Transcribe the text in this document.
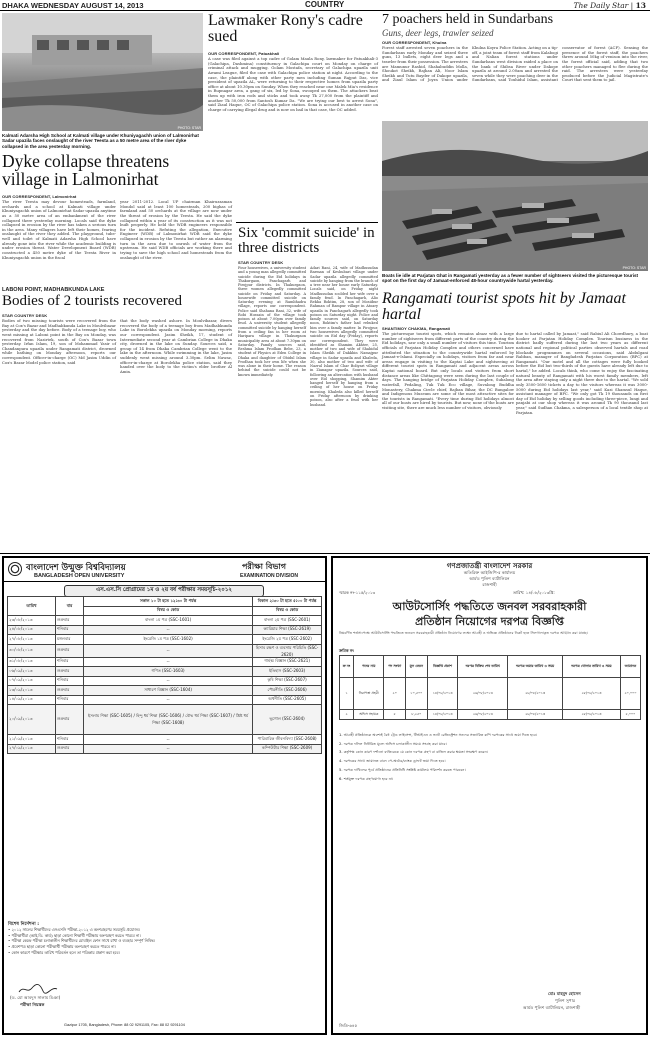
DHAKA WEDNESDAY AUGUST 14, 2013	COUNTRY	The Daily Star | 13
PHOTO: STAR
Kalmati Adarsha High School at Kalmati village under Khuniyagachh union of Lalmonirhat Sadar upazila faces onslaught of the river Teesta as a 50 metre area of the river dyke collapsed in the area yesterday morning.
Dyke collapse threatens village in Lalmonirhat
OUR CORRESPONDENT, Lalmonirhat
The river Teesta may devour homesteads, farmland, orchards and a school at Kalmati village under Khuniyagachh union of Lalmonirhat Sadar upazila anytime as a 50 metre area of an embankment of the river collapsed there yesterday morning. Locals said the dyke collapsed in erosion by the river has taken a serious turn in the area. Many villagers have left their homes, fearing onslaught of the river they added. The playground, tube-well and toilet of Kalmati Adarsha High School have already gone into the river while the academic building is under erosion threat. Water Development Board (WDB) constructed a 450 metre dyke of the Teesta River in Khuniyagachh union in the fiscal
year 2011-2012. Local UP chairman Khairuzzaman Mondol said at least 100 homesteads, 200 bighas of farmland and 50 orchards at the village are now under the threat of erosion by the Teesta. He said the dyke collapsed within a year of its construction as it was not built properly. He held the WDB engineers responsible for the incident. Refuting the allegation, Executive Engineer (WDB) of Lalmonirhat WDB said the dyke collapsed in erosion by the Teesta but rather an alarming turn in the area due to onrush of water from the upstream. He said WDB officials are working there and trying to save the high school and homesteads from the onslaught of the river.
LABONI POINT, MADHABKUNDA LAKE
Bodies of 2 tourists recovered
STAR COUNTRY DESK
Bodies of two missing tourists were recovered from the Bay at Cox's Bazar and Madhabkunda Lake in Moulvibazar yesterday and the day before. Body of a teenage boy, who went missing at Laboni point in the Bay on Monday, was recovered from Nazirtek, south of Cox's Bazar town yesterday. Irfan Islam, 19, son of Mohammad Yasir of Chandanpura upazila under Rangamati district, drowned while bathing on Monday afternoon, reports our correspondent. Officer-in-charge (OC) Md Jasim Uddin of Cox's Bazar Model police station, said
that the body washed ashore. In Moulvibazar, divers recovered the body of a teenage boy from Madhabkunda Lake in Borolekha upazila on Monday morning, reports our correspondent. Jasim Sheikh, 17, student of Intermediate second year at Cambrian College in Dhaka city, drowned in the lake on Sunday. Sources said, a group of 14 from Dhaka Cambrian College went to the lake in the afternoon. While swimming in the lake, Jasim suddenly went missing around 3.30pm. Selim Nawaz, officer-in-charge at Borolekha police station, said they handed over the body to the victim's elder brother Al Amin.
Lawmaker Rony's cadre sued
OUR CORRESPONDENT, Patuakhali
A case was filed against a top cadre of Golam Maula Rony, lawmaker for Patuakhali-3 (Galachipa, Dashmina) constituency in Galachipa court on Monday on charge of criminal attack and mugging. Golam Mostafa, secretary of Galachipa upazila unit Awami League, filed the case with Galachipa police station at night. According to the case, the plaintiff along with other party men including Suman Rajput Das, vice president of upazila AL, were returning to their respective homes from upazila party office at about 10.30pm on Sunday. When they reached near one Malek Mia's residence in Rupnagar area, a gang of six, led by Sona, swooped on them. The attackers beat them up with iron rods and sticks and took away Tk 27,000 from the plaintiff and another Tk 50,000 from Santosh Kumar Da. "We are trying our best to arrest Sona", said Ziaul Haque, OC of Galachipa police station. Sona is accused in another case on charge of carrying illegal drug and is now on bail in that case, the OC added.
Six 'commit suicide' in three districts
STAR COUNTRY DESK
Four housewives, a university student and a young man allegedly committed suicide during the Eid holidays in Thakurgaon, Panchagarh and Pirojpur districts. In Thakurgaon, three women allegedly committed suicide on Friday and Saturday. A housewife committed suicide on Saturday evening at Rambhadra village, reports our correspondent. Police said Shahana Rani, 32, wife of Robi Hossain of the village took poison at about 7.00pm over family feud. A university student allegedly committed suicide by hanging herself from a ceiling fan in her room at Haripara village in Thakurgaon municipality area at about 7.30pm on Saturday. Family sources said, Reshma Islam Prodhan Bebe, 23, a student of Physics at Eden College in Dhaka and daughter of Obidul Islam Prodhan took her own life when she was alone in their home. The reason behind the suicide could not be known immediately.
Adari Rani, 24, wife of Madhusudan Barman of Keshubari village under Sadar upazila allegedly committed suicide by hanging from the branch of a tree near her house early Saturday. Locals said, on Friday night Madhusudan scolded her wife over a family feud. In Panchagarh, Alio Rekha Roktim, 28, son of Mosiibur Rahman of Rampur village in Atoary upazila in Panchagarh allegedly took poison on Saturday night. Police and family sources said, on Saturday noon, Roktim's father had rebuked him over a family matter. In Pirojpur, two housewives allegedly committed suicide on Eid day (Friday), reports our correspondent. They were identified as Shamim Akhter, 25, mother of two and wife of Shahidul Islam Sheikh of Dakkhin Namajpur village in Sadar upazila and Khaleda, 30, also mother of two and wife of Nazrul Islam of Char Boliyari village in Zianagar upazila. Sources said, following an altercation with husband over Eid shopping, Shamim Akter hanged herself by hanging from a ceiling of her house on Friday morning. Khaleda also killed herself on Friday afternoon by drinking poison, also after a feud with her husband.
7 poachers held in Sundarbans
Guns, deer legs, trawler seized
OUR CORRESPONDENT, Khulna
Forest staff arrested seven poachers in the Sundarbans early Monday and seized three guns, 13 bullets, eight deer legs and a trawler from their possession. The arrestees are Mamunur Rashid, Shahabuddin Molla, Shoukot Sheikh, Rajhan Ali, Noor Islam Sheikh and Tutu Bayder of Dakope upazila, and Ziaul Islam of Joyra Union under Khulna Koyra Police Station. Acting on a tip-off, a joint team of forest staff from Kalabogi and Nalian forest stations under Sundarbans west division raided a place on the bank of Shibsa River under Dakope upazila at around 2.00am and arrested the seven while they were poaching deer in the Sundarbans, said Touhidul Islam, assistant conservator of forest (ACF). Sensing the presence of the forest staff, the poachers threw around 50kg of venison into the river, the forest official said, adding that two other poachers managed to flee during the raid. The arrestees were yesterday produced before the Judicial Magistrate's Court that sent them to jail.
PHOTO: STAR
Boats lie idle at Parjatan Ghat in Rangamati yesterday as a fewer number of sightseers visited the picturesque tourist spot on the first day of Jamaat-enforced 48-hour countrywide hartal yesterday.
Rangamati tourist spots hit by Jamaat hartal
SHANTIMOY CHAKMA, Rangamati
The picturesque tourist spots, which remains abuzz with a large number of sightseers from different parts of the country during the Eid holidays, saw only a small number of visitors this time. Tourism officials of Parjatan Holiday Complex and others concerned have attributed the situation to the countrywide hartal enforced by Jamaat-e-Islami. Especially on holidays, visitors from far and near areas engage in visiting to the Kaptai Lake and sightseeing at different tourist spots in Rangamati and adjacent areas across Kaptai national board. But only locals and visitors from short distance areas like Chittagong were seen during the last couple of days. The hanging bridge of Parjatan Holiday Complex, Subalong waterfall, Pedaling, Tuk Tuk Eco village, Suvalong Buddha Monastery, Chakma Circle chief, Rajban Bihar, the DC Bungalow and Indigenous Museum are some of the most attractive sites for the tourists in Rangamati. "Every time during Eid holidays almost all of our boats are hired by tourists. But now, none of the boats are visiting site, there are much less number of visitors, obviously
due to hartal called by Jamaat," said Rabiul Ali Chowdhury, a boat hooker at Parjatan Holiday Complex. Tourism business in the district badly suffered during the last two years as different national and regional political parties observed hartals and road blockade programmes on several occasions, said Abdulgani Rabban, manager of Bangladesh Parjatan Corporation (BPC) at Rangamati. "Our motel and all the cottages were fully booked before the Eid but two-thirds of the guests have already left due to hartal," he added. Locals think, who come to enjoy the fascinating natural beauty of Rangamati with his worst family members, left the area after staying only a night there due to the hartal. "We sold only 3500-1600 tickets a day to the visitors whereas it was 3000-5000 during Eid holidays last year," said Kazi Shamsul Haque, assistant manager of BPC. "We only got Tk 19 thousands on first day of Eid holiday by selling goods including three-piece, lungi and panjabi at our shop whereas it was around Tk 90 thousand last year," said Sudhan Chakma, a salesperson of a local textile shop at Parjatan.
বাংলাদেশ উন্মুক্ত বিশ্ববিদ্যালয়
BANGLADESH OPEN UNIVERSITY
পরীক্ষা বিভাগ
EXAMINATION DIVISION
এস.এস.সি প্রোগ্রামের ১ম ও ২য় বর্ষ পরীক্ষার সময়সূচি-২০১২
তারিখ	বার	সকাল ১০ টা হতে ১২:৩০ টা পর্যন্ত	বিকাল ২:৩০ টা হতে ৫:০০ টা পর্যন্ত
		বিষয় ও কোড	বিষয় ও কোড
২৩/০৮/২০১৩	শুক্রবার	বাংলা ১ম পত্র (SSC-1601)	বাংলা ২য় পত্র (SSC-2601)
২৪/০৮/২০১৩	শনিবার	--	ক্যারিয়ার শিক্ষা (SSC-2619)
২৭/০৮/২০১৩	মঙ্গলবার	ইংরেজি ১ম পত্র (SSC-1602)	ইংরেজি ২য় পত্র (SSC-2602)
৩০/০৮/২০১৩	শুক্রবার	--	হিসাব রক্ষণ ও ব্যবসায় পরিচিতি (SSC-2620)
৩১/০৮/২০১৩	শনিবার	--	গার্হস্থ্য বিজ্ঞান (SSC-2621)
০৬/০৯/২০১৩	শুক্রবার	গণিত (SSC-1603)	ইতিহাস (SSC-2603)
০৭/০৯/২০১৩	শনিবার	--	কৃষি শিক্ষা (SSC-2607)
১৩/০৯/২০১৩	শুক্রবার	সাধারণ বিজ্ঞান (SSC-1604)	পৌরনীতি (SSC-2606)
১৪/০৯/২০১৩	শনিবার	--	অর্থনীতি (SSC-2605)
২০/০৯/২০১৩	শুক্রবার	ইসলাম শিক্ষা (SSC-1605) / হিন্দু ধর্ম শিক্ষা (SSC-1606) / বৌদ্ধ ধর্ম শিক্ষা (SSC-1607) / খ্রিষ্ট ধর্ম শিক্ষা (SSC-1608)	ভূগোল (SSC-2604)
২১/০৯/২০১৩	শনিবার	--	পারিবারিক জীবনবিদ্যা (SSC-2608)
২৭/০৯/২০১৩	শুক্রবার	--	কম্পিউটার শিক্ষা (SSC-2609)
বিশেষ নির্দেশনা :
• ২০১২ সালের শিক্ষার্থীদের এসএসসি পরীক্ষা-২০১২ এ অংশগ্রহণের সময়সূচি প্রযোজ্য।
• পরীক্ষার্থীরা (আই.ডি. কার্ড) ছাড়া কোনো শিক্ষার্থী পরীক্ষায় অংশগ্রহণ করতে পারবে না।
• পরীক্ষা কেন্দ্রে পরীক্ষা চলাকালীন শিক্ষার্থীদের মোবাইল ফোন সাথে রাখা ও ব্যবহার সম্পূর্ণ নিষিদ্ধ।
• প্রবেশপত্র ছাড়া কোনো পরীক্ষার্থী পরীক্ষায় অংশগ্রহণ করতে পারবে না।
• কোন কারণে পরীক্ষার তারিখ পরিবর্তন হলে তা পত্রিকায় প্রকাশ করা হবে।
(ড. মো আবদুস সালাম মিঞা)
পরীক্ষা নিয়ন্ত্রক
Gazipur 1705, Bangladesh, Phone: 88 02 9291105, Fax: 88 02 9291104
গণপ্রজাতন্ত্রী বাংলাদেশ সরকার
অতিরিক্ত আইজিপি-র কার্যালয়
আর্মড পুলিশ ব্যাটালিয়ন
রাজশাহী
স্মারক নং-১১৫/২০১৩	তারিখ: ১৪/০৮/২০১৩খ্রি:
আউটসোর্সিং পদ্ধতিতে জনবল সরবরাহকারী
প্রতিষ্ঠান নিয়োগের দরপত্র বিজ্ঞপ্তি
নিম্নবর্ণিত শর্তসাপেক্ষে আউটসোর্সিং পদ্ধতিতে জনবল সরবরাহকারী প্রতিষ্ঠান নিয়োগের লক্ষ্যে আগ্রহী ও অভিজ্ঞ প্রতিষ্ঠানের নিকট হতে সিলগালাকৃত দরপত্র আহ্বান করা যাচ্ছে।
ক্রমিক নং
ক্র নং	পদের নাম	পদ সংখ্যা	মূল বেতন	বিজ্ঞপ্তি প্রকাশ	দরপত্র বিক্রির শেষ তারিখ	দরপত্র জমার তারিখ ও সময়	দরপত্র খোলার তারিখ ও সময়	জামানত
১	নিরাপত্তা প্রহরী	২০	১০,৫০০	১৪/০৮/২০১৩	২৬/০৮/২০১৩	২৮/০৮/২০১৩	২৮/০৮/২০১৩	২০,০০০
২	অফিস সহায়ক	৫	৮,২৫০	১৪/০৮/২০১৩	২৬/০৮/২০১৩	২৮/০৮/২০১৩	২৮/০৮/২০১৩	৫,০০০
1. আগ্রহী প্রতিষ্ঠানকে অবশ্যই বৈধ ট্রেড লাইসেন্স, টিআইএন ও ভ্যাট রেজিস্ট্রেশন সনদের সত্যায়িত কপি দরপত্রের সাথে জমা দিতে হবে।
2. দরপত্র দলিল নির্ধারিত মূল্যে অফিস চলাকালীন সময়ে সংগ্রহ করা যাবে।
3. কর্তৃপক্ষ কোন কারণ দর্শানো ব্যতিরেকে যে কোন দরপত্র গ্রহণ বা বাতিল করার ক্ষমতা সংরক্ষণ করেন।
4. দরপত্রের সাথে জামানত বাবদ পে-অর্ডার/ব্যাংক ড্রাফট জমা দিতে হবে।
5. দরপত্র দাখিলের পূর্বে প্রতিষ্ঠানের প্রতিনিধি সংশ্লিষ্ট কার্যালয় পরিদর্শন করতে পারবেন।
6. শর্তযুক্ত দরপত্র গ্রহণযোগ্য হবে না।
মোঃ মাহমুদ হোসেন
পুলিশ সুপার
আর্মড পুলিশ ব্যাটালিয়ন, রাজশাহী
জিডি-৬৪৫
